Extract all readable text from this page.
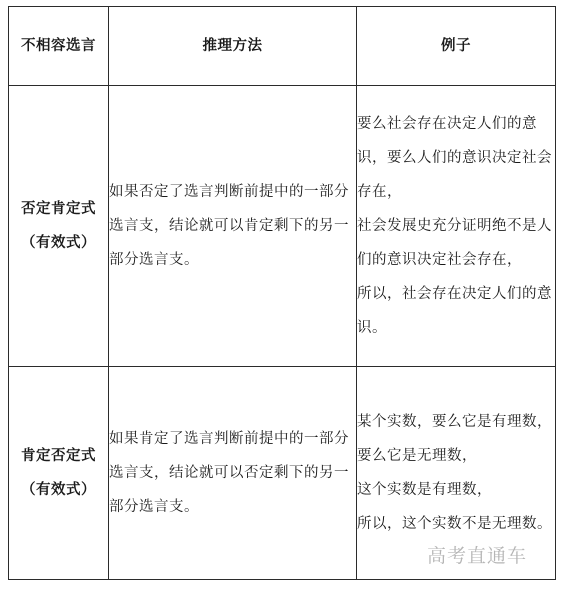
不相容选言	推理方法	例子
否定肯定式（有效式）	如果否定了选言判断前提中的一部分选言支，结论就可以肯定剩下的另一部分选言支。	要么社会存在决定人们的意识，要么人们的意识决定社会存在，
社会发展史充分证明绝不是人们的意识决定社会存在，
所以，社会存在决定人们的意识。

肯定否定式（有效式）	如果肯定了选言判断前提中的一部分选言支，结论就可以否定剩下的另一部分选言支。	某个实数，要么它是有理数，要么它是无理数，
这个实数是有理数，
所以，这个实数不是无理数。
高考直通车
